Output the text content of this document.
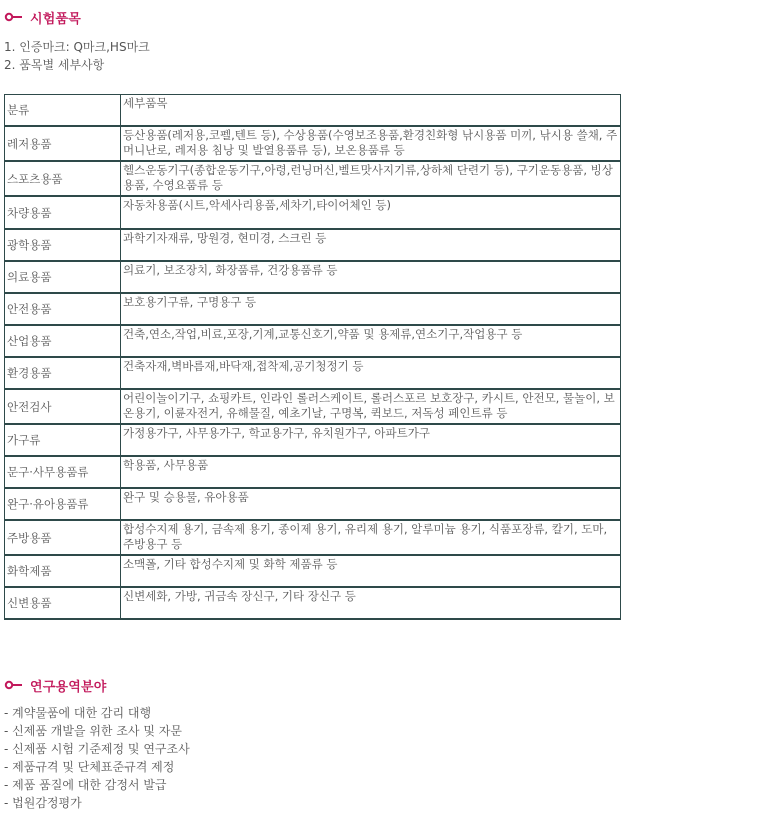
시험품목
1. 인증마크: Q마크,HS마크
2. 품목별 세부사항
분류	세부품목
레저용품	등산용품(레저용,코펠,텐트 등), 수상용품(수영보조용품,환경친화형 낚시용품 미끼, 낚시용 쓸채, 주머니난로, 레저용 침낭 및 발열용품류 등), 보온용품류 등
스포츠용품	헬스운동기구(종합운동기구,아령,런닝머신,벨트맛사지기류,상하체 단련기 등), 구기운동용품, 빙상용품, 수영요품류 등
차량용품	자동차용품(시트,악세사리용품,세차기,타이어체인 등)
광학용품	과학기자재류, 망원경, 현미경, 스크린 등
의료용품	의료기, 보조장치, 화장품류, 건강용품류 등
안전용품	보호용기구류, 구명용구 등
산업용품	건축,연소,작업,비료,포장,기계,교통신호기,약품 및 용제류,연소기구,작업용구 등
환경용품	건축자재,벽바름재,바닥재,접착제,공기청정기 등
안전검사	어린이놀이기구, 쇼핑카트, 인라인 롤러스케이트, 롤러스포르 보호장구, 카시트, 안전모, 물놀이, 보온용기, 이륜자전거, 유해물질, 예초기날, 구명복, 퀵보드, 저독성 페인트류 등
가구류	가정용가구, 사무용가구, 학교용가구, 유치원가구, 아파트가구
문구·사무용품류	학용품, 사무용품
완구·유아용품류	완구 및 승용물, 유아용품
주방용품	합성수지제 용기, 금속제 용기, 종이제 용기, 유리제 용기, 알루미늄 용기, 식품포장류, 칼기, 도마, 주방용구 등
화학제품	소맥폴, 기타 합성수지제 및 화학 제품류 등
신변용품	신변세화, 가방, 귀금속 장신구, 기타 장신구 등
연구용역분야
- 계약물품에 대한 감리 대행
- 신제품 개발을 위한 조사 및 자문
- 신제품 시험 기준제정 및 연구조사
- 제품규격 및 단체표준규격 제정
- 제품 품질에 대한 감정서 발급
- 법원감정평가
